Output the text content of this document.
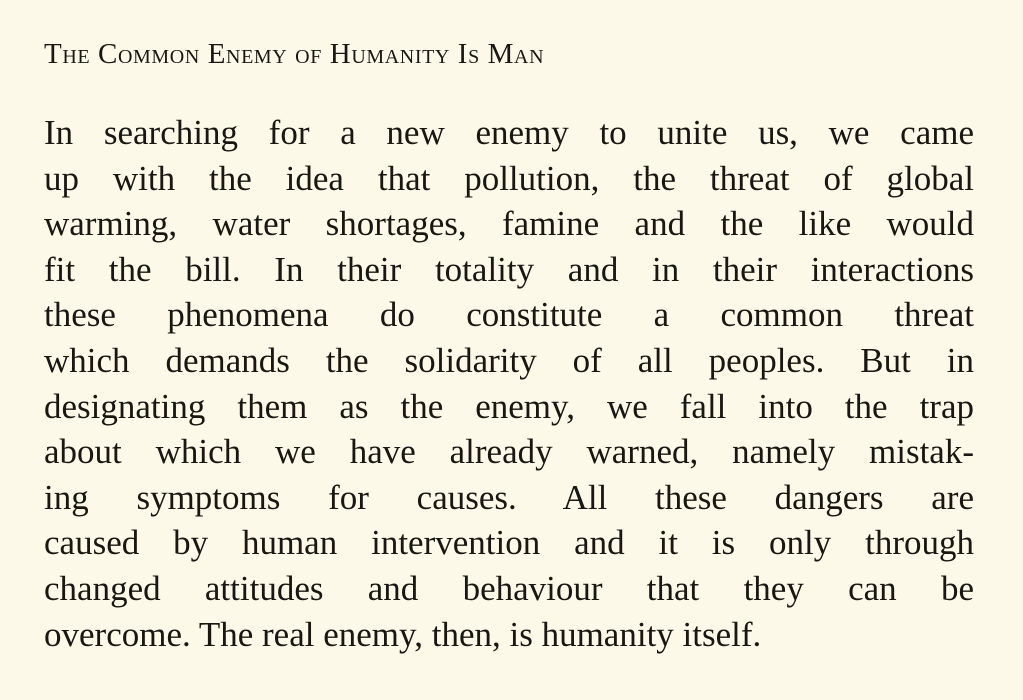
The Common Enemy of Humanity Is Man
In searching for a new enemy to unite us, we came
up with the idea that pollution, the threat of global
warming, water shortages, famine and the like would
fit the bill. In their totality and in their interactions
these phenomena do constitute a common threat
which demands the solidarity of all peoples. But in
designating them as the enemy, we fall into the trap
about which we have already warned, namely mistak-
ing symptoms for causes. All these dangers are
caused by human intervention and it is only through
changed attitudes and behaviour that they can be
overcome. The real enemy, then, is humanity itself.
